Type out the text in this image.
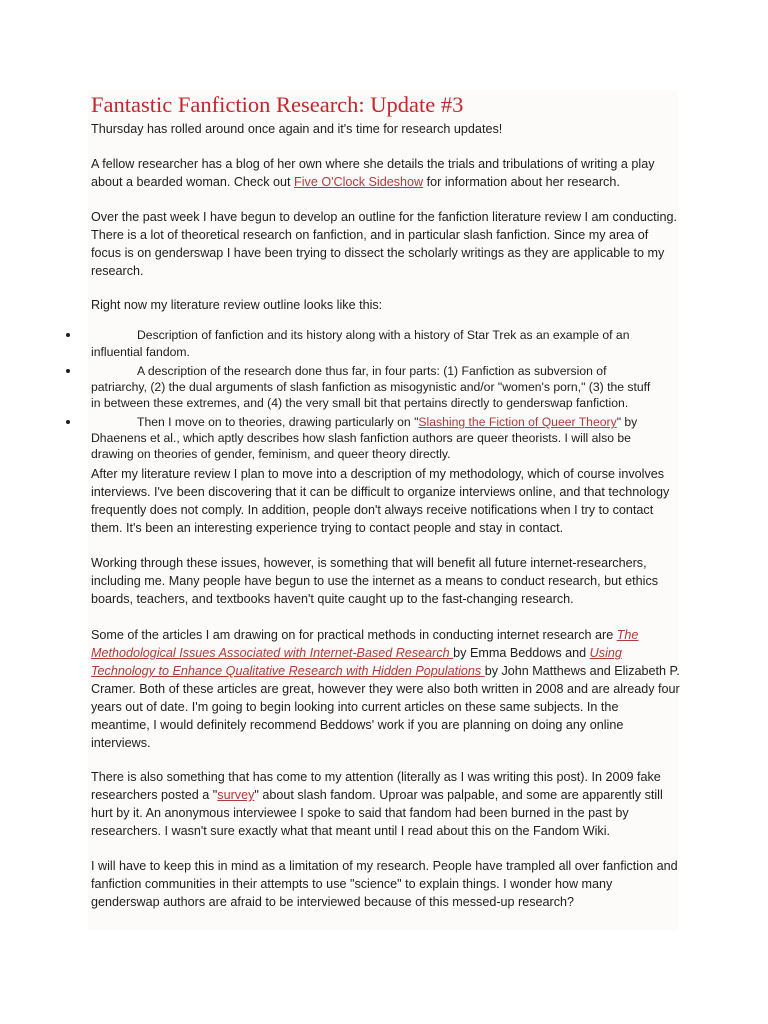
Fantastic Fanfiction Research: Update #3

Thursday has rolled around once again and it's time for research updates!

A fellow researcher has a blog of her own where she details the trials and tribulations of writing a play

about a bearded woman. Check out Five O'Clock Sideshow for information about her research.

Over the past week I have begun to develop an outline for the fanfiction literature review I am conducting.

There is a lot of theoretical research on fanfiction, and in particular slash fanfiction. Since my area of

focus is on genderswap I have been trying to dissect the scholarly writings as they are applicable to my

research.

Right now my literature review outline looks like this:

Description of fanfiction and its history along with a history of Star Trek as an example of an

influential fandom.

A description of the research done thus far, in four parts: (1) Fanfiction as subversion of

patriarchy, (2) the dual arguments of slash fanfiction as misogynistic and/or "women's porn," (3) the stuff

in between these extremes, and (4) the very small bit that pertains directly to genderswap fanfiction.

Then I move on to theories, drawing particularly on "Slashing the Fiction of Queer Theory" by

Dhaenens et al., which aptly describes how slash fanfiction authors are queer theorists. I will also be

drawing on theories of gender, feminism, and queer theory directly.

After my literature review I plan to move into a description of my methodology, which of course involves

interviews. I've been discovering that it can be difficult to organize interviews online, and that technology

frequently does not comply. In addition, people don't always receive notifications when I try to contact

them. It's been an interesting experience trying to contact people and stay in contact.

Working through these issues, however, is something that will benefit all future internet-researchers,

including me. Many people have begun to use the internet as a means to conduct research, but ethics

boards, teachers, and textbooks haven't quite caught up to the fast-changing research.

Some of the articles I am drawing on for practical methods in conducting internet research are The

Methodological Issues Associated with Internet-Based Research by Emma Beddows and Using

Technology to Enhance Qualitative Research with Hidden Populations by John Matthews and Elizabeth P.

Cramer. Both of these articles are great, however they were also both written in 2008 and are already four

years out of date. I'm going to begin looking into current articles on these same subjects. In the

meantime, I would definitely recommend Beddows' work if you are planning on doing any online

interviews.

There is also something that has come to my attention (literally as I was writing this post). In 2009 fake

researchers posted a "survey" about slash fandom. Uproar was palpable, and some are apparently still

hurt by it. An anonymous interviewee I spoke to said that fandom had been burned in the past by

researchers. I wasn't sure exactly what that meant until I read about this on the Fandom Wiki.

I will have to keep this in mind as a limitation of my research. People have trampled all over fanfiction and

fanfiction communities in their attempts to use "science" to explain things. I wonder how many

genderswap authors are afraid to be interviewed because of this messed-up research?
